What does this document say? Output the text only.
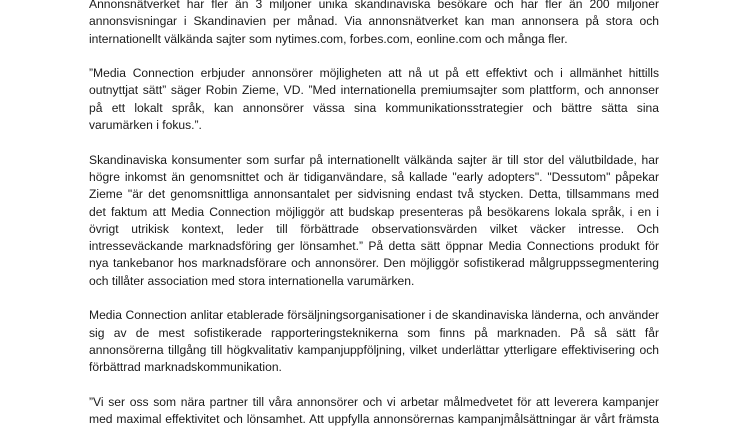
Annonsnätverket har fler än 3 miljoner unika skandinaviska besökare och har fler än 200 miljoner
annonsvisningar i Skandinavien per månad. Via annonsnätverket kan man annonsera på stora och
internationellt välkända sajter som nytimes.com, forbes.com, eonline.com och många fler.

”Media Connection erbjuder annonsörer möjligheten att nå ut på ett effektivt och i allmänhet hittills
outnyttjat sätt” säger Robin Zieme, VD. ”Med internationella premiumsajter som plattform, och annonser
på ett lokalt språk, kan annonsörer vässa sina kommunikationsstrategier och bättre sätta sina
varumärken i fokus.”.

Skandinaviska konsumenter som surfar på internationellt välkända sajter är till stor del välutbildade, har
högre inkomst än genomsnittet och är tidiganvändare, så kallade "early adopters". "Dessutom" påpekar
Zieme "är det genomsnittliga annonsantalet per sidvisning endast två stycken. Detta, tillsammans med
det faktum att Media Connection möjliggör att budskap presenteras på besökarens lokala språk, i en i
övrigt utrikisk kontext, leder till förbättrade observationsvärden vilket väcker intresse. Och
intresseväckande marknadsföring ger lönsamhet.” På detta sätt öppnar Media Connections produkt för
nya tankebanor hos marknadsförare och annonsörer. Den möjliggör sofistikerad målgruppssegmentering
och tillåter association med stora internationella varumärken.

Media Connection anlitar etablerade försäljningsorganisationer i de skandinaviska länderna, och använder
sig av de mest sofistikerade rapporteringsteknikerna som finns på marknaden. På så sätt får
annonsörerna tillgång till högkvalitativ kampanjuppföljning, vilket underlättar ytterligare effektivisering och
förbättrad marknadskommunikation.

”Vi ser oss som nära partner till våra annonsörer och vi arbetar målmedvetet för att leverera kampanjer
med maximal effektivitet och lönsamhet. Att uppfylla annonsörernas kampanjmålsättningar är vårt främsta
